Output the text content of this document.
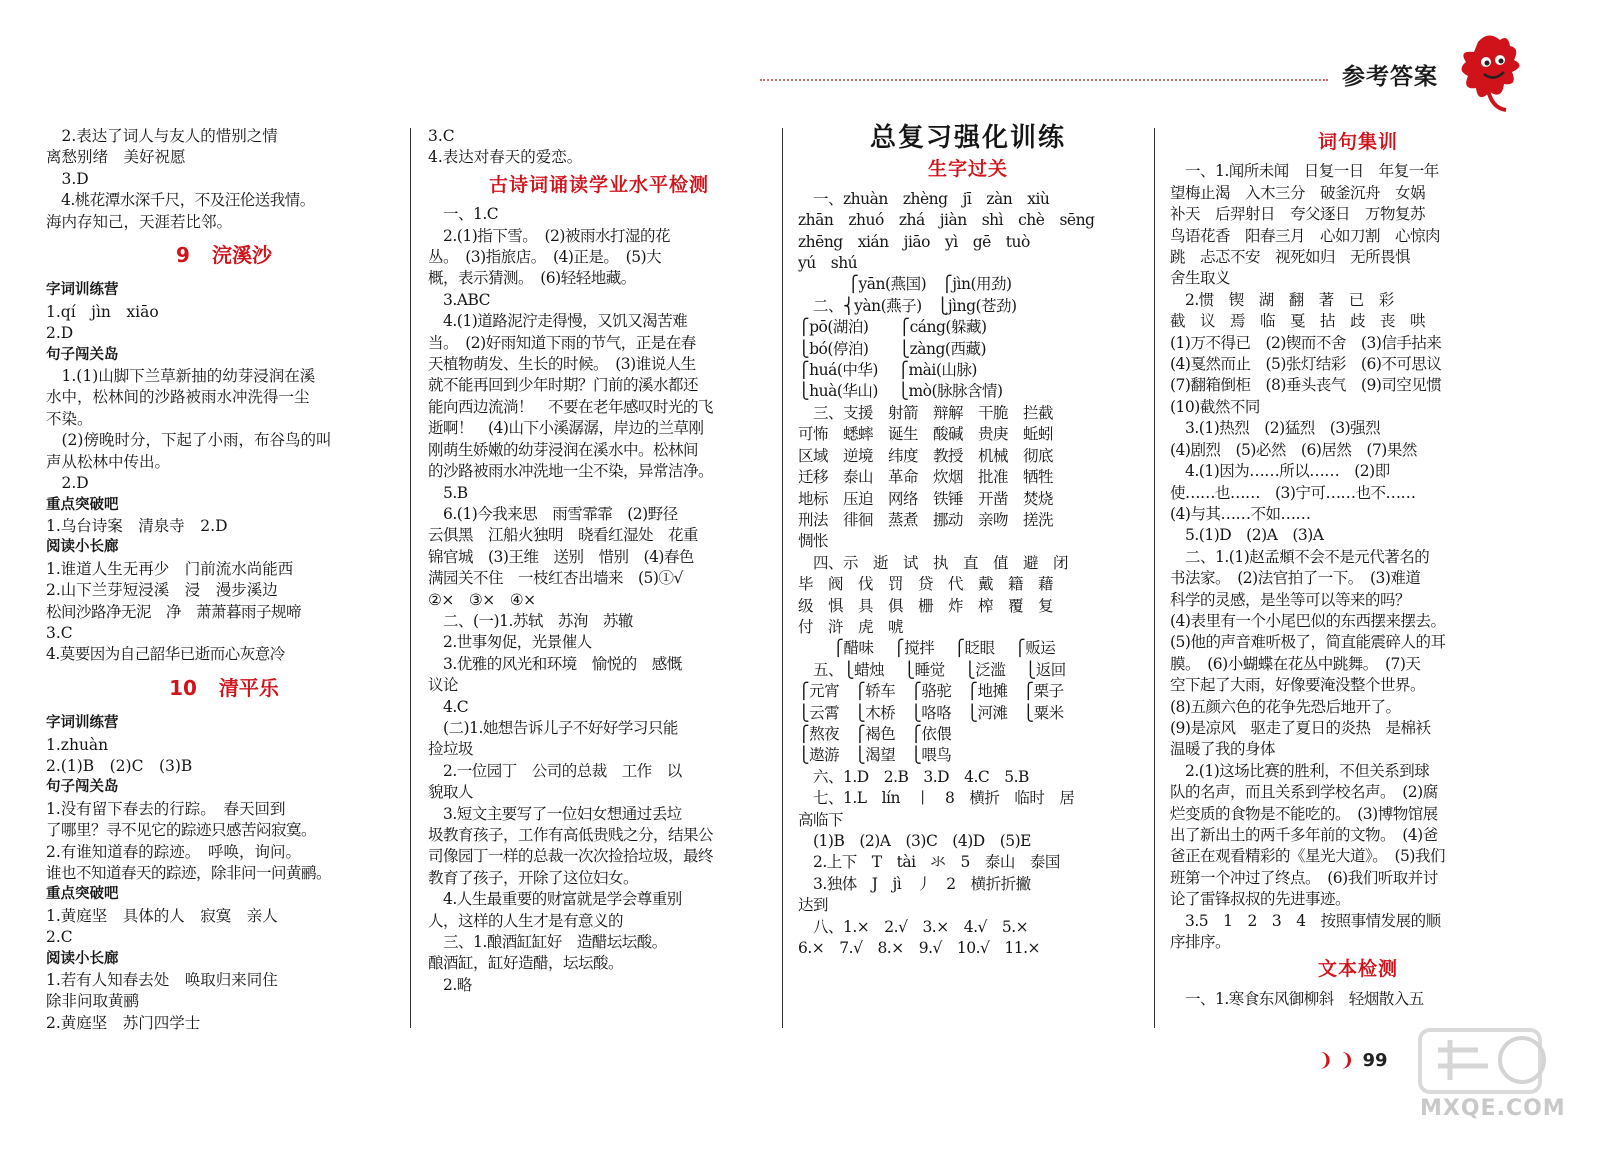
参考答案
　2.表达了词人与友人的惜别之情
离愁别绪　美好祝愿
　3.D
　4.桃花潭水深千尺，不及汪伦送我情。
海内存知己，天涯若比邻。
9 浣溪沙
字词训练营
1.qí　jìn　xiāo
2.D
句子闯关岛
　1.(1)山脚下兰草新抽的幼芽浸润在溪
水中，松林间的沙路被雨水冲洗得一尘
不染。
　(2)傍晚时分，下起了小雨，布谷鸟的叫
声从松林中传出。
　2.D
重点突破吧
1.乌台诗案　清泉寺　2.D
阅读小长廊
1.谁道人生无再少　门前流水尚能西
2.山下兰芽短浸溪　浸　漫步溪边
松间沙路净无泥　净　萧萧暮雨子规啼
3.C
4.莫要因为自己韶华已逝而心灰意冷
10 清平乐
字词训练营
1.zhuàn
2.(1)B　(2)C　(3)B
句子闯关岛
1.没有留下春去的行踪。　春天回到
了哪里？寻不见它的踪迹只感苦闷寂寞。
2.有谁知道春的踪迹。　呼唤，询问。
谁也不知道春天的踪迹，除非问一问黄鹂。
重点突破吧
1.黄庭坚　具体的人　寂寞　亲人
2.C
阅读小长廊
1.若有人知春去处　唤取归来同住
除非问取黄鹂
2.黄庭坚　苏门四学士
3.C
4.表达对春天的爱恋。
古诗词诵读学业水平检测
　一、1.C
　2.(1)指下雪。　(2)被雨水打湿的花
丛。　(3)指旅店。　(4)正是。　(5)大
概，表示猜测。　(6)轻轻地藏。
　3.ABC
　4.(1)道路泥泞走得慢，又饥又渴苦难
当。　(2)好雨知道下雨的节气，正是在春
天植物萌发、生长的时候。　(3)谁说人生
就不能再回到少年时期？门前的溪水都还
能向西边流淌！　不要在老年感叹时光的飞
逝啊！　(4)山下小溪潺潺，岸边的兰草刚
刚萌生娇嫩的幼芽浸润在溪水中。松林间
的沙路被雨水冲洗地一尘不染，异常洁净。
　5.B
　6.(1)今我来思　雨雪霏霏　(2)野径
云俱黑　江船火独明　晓看红湿处　花重
锦官城　(3)王维　送别　惜别　(4)春色
满园关不住　一枝红杏出墙来　(5)①√
②×　③×　④×
　二、(一)1.苏轼　苏洵　苏辙
　2.世事匆促，光景催人
　3.优雅的风光和环境　愉悦的　感慨
议论
　4.C
　(二)1.她想告诉儿子不好好学习只能
捡垃圾
　2.一位园丁　公司的总裁　工作　以
貌取人
　3.短文主要写了一位妇女想通过丢垃
圾教育孩子，工作有高低贵贱之分，结果公
司像园丁一样的总裁一次次捡拾垃圾，最终
教育了孩子，开除了这位妇女。
　4.人生最重要的财富就是学会尊重别
人，这样的人生才是有意义的
　三、1.酿酒缸缸好　造醋坛坛酸。
酿酒缸，缸好造醋，坛坛酸。
　2.略
总复习强化训练
生字过关
　一、zhuàn　zhèng　jī　zàn　xiù
zhān　zhuó　zhá　jiàn　shì　chè　sēng
zhēng　xián　jiāo　yì　gē　tuò
yú　shú
　　　 ⎧yān(燕国)　⎧jìn(用劲)
　二、⎨yàn(燕子)　⎩jìng(苍劲)
⎧pō(湖泊)　　⎧cáng(躲藏)
⎩bó(停泊)　　⎩zàng(西藏)
⎧huá(中华)　 ⎧mài(山脉)
⎩huà(华山)　 ⎩mò(脉脉含情)
　三、支援　射箭　辩解　干脆　拦截
可怖　蟋蟀　诞生　酸碱　贵庚　蚯蚓
区域　逆境　纬度　教授　机械　彻底
迁移　泰山　革命　炊烟　批准　牺牲
地标　压迫　网络　铁锤　开凿　焚烧
刑法　徘徊　蒸煮　挪动　亲吻　搓洗
惆怅
　四、示　逝　试　执　直　值　避　闭
毕　阀　伐　罚　贷　代　戴　籍　藉
级　惧　具　俱　栅　炸　榨　覆　复
付　浒　虎　唬
　　 ⎧醋味　 ⎧搅拌　 ⎧眨眼　 ⎧贩运
　五、⎩蜡烛　 ⎩睡觉　 ⎩泛滥　 ⎩返回
⎧元宵　⎧轿车　⎧骆驼　⎧地摊　⎧栗子
⎩云霄　⎩木桥　⎩咯咯　⎩河滩　⎩粟米
⎧熬夜　⎧褐色　⎧依偎
⎩遨游　⎩渴望　⎩喂鸟
　六、1.D　2.B　3.D　4.C　5.B
　七、1.L　lín　丨　8　横折　临时　居
高临下
　(1)B　(2)A　(3)C　(4)D　(5)E
　2.上下　T　tài　氺　5　泰山　泰国
　3.独体　J　jì　丿　2　横折折撇
达到
　八、1.×　2.√　3.×　4.√　5.×
6.×　7.√　8.×　9.√　10.√　11.×
词句集训
　一、1.闻所未闻　日复一日　年复一年
望梅止渴　入木三分　破釜沉舟　女娲
补天　后羿射日　夸父逐日　万物复苏
鸟语花香　阳春三月　心如刀割　心惊肉
跳　忐忑不安　视死如归　无所畏惧
舍生取义
　2.惯　锲　湖　翻　著　已　彩
截　议　焉　临　戛　拈　歧　丧　哄
(1)万不得已　(2)锲而不舍　(3)信手拈来
(4)戛然而止　(5)张灯结彩　(6)不可思议
(7)翻箱倒柜　(8)垂头丧气　(9)司空见惯
(10)截然不同
　3.(1)热烈　(2)猛烈　(3)强烈
(4)剧烈　(5)必然　(6)居然　(7)果然
　4.(1)因为……所以……　(2)即
使……也……　(3)宁可……也不……
(4)与其……不如……
　5.(1)D　(2)A　(3)A
　二、1.(1)赵孟頫不会不是元代著名的
书法家。　(2)法官拍了一下。　(3)难道
科学的灵感，是坐等可以等来的吗？
(4)表里有一个小尾巴似的东西摆来摆去。
(5)他的声音难听极了，简直能震碎人的耳
膜。　(6)小蝴蝶在花丛中跳舞。　(7)天
空下起了大雨，好像要淹没整个世界。
(8)五颜六色的花争先恐后地开了。
(9)是凉风　驱走了夏日的炎热　是棉袄
温暖了我的身体
　2.(1)这场比赛的胜利，不但关系到球
队的名声，而且关系到学校名声。　(2)腐
烂变质的食物是不能吃的。　(3)博物馆展
出了新出土的两千多年前的文物。　(4)爸
爸正在观看精彩的《星光大道》。　(5)我们
班第一个冲过了终点。　(6)我们听取并讨
论了雷锋叔叔的先进事迹。
　3.5　1　2　3　4　按照事情发展的顺
序排序。
文本检测
　一、1.寒食东风御柳斜　轻烟散入五
❩ ❩ 99
MXQE.COM
